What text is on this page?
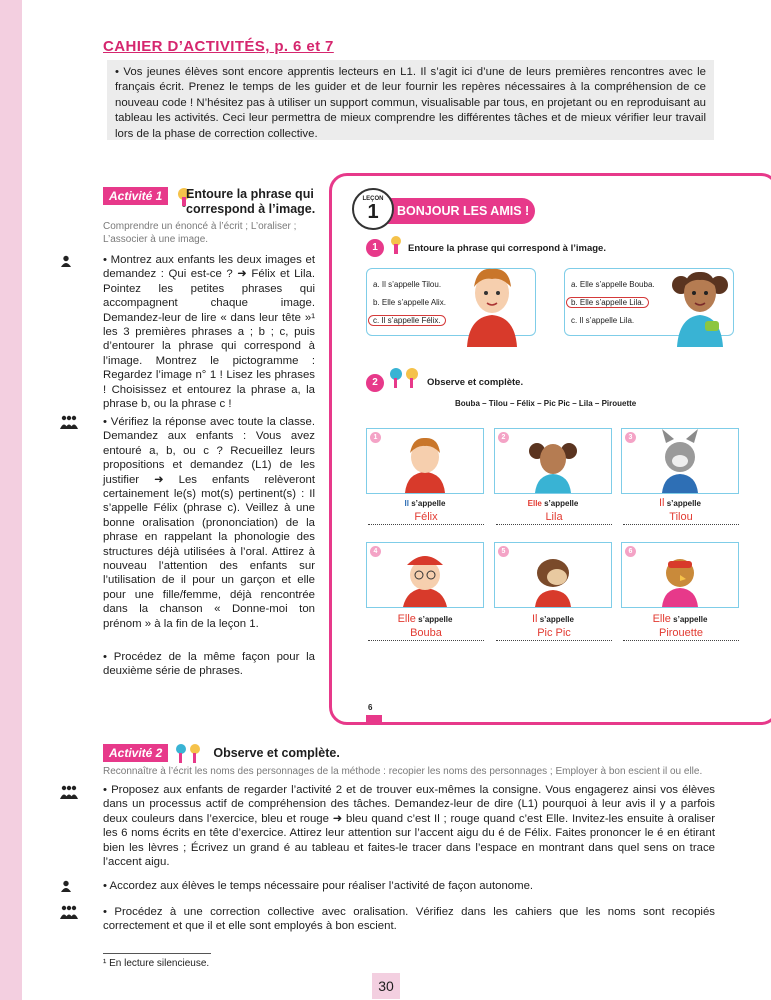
CAHIER D’ACTIVITÉS, p. 6 et 7
• Vos jeunes élèves sont encore apprentis lecteurs en L1. Il s’agit ici d’une de leurs premières rencontres avec le français écrit. Prenez le temps de les guider et de leur fournir les repères nécessaires à la compréhension de ce nouveau code ! N’hésitez pas à utiliser un support commun, visualisable par tous, en projetant ou en reproduisant au tableau les activités. Ceci leur permettra de mieux comprendre les différentes tâches et de mieux vérifier leur travail lors de la phase de correction collective.
Activité 1	Entoure la phrase qui correspond à l’image.
Comprendre un énoncé à l’écrit ; L’oraliser ; L’associer à une image.
• Montrez aux enfants les deux images et demandez : Qui est-ce ? ➜ Félix et Lila. Pointez les petites phrases qui accompagnent chaque image. Demandez-leur de lire « dans leur tête »¹ les 3 premières phrases a ; b ; c, puis d’entourer la phrase qui correspond à l’image. Montrez le pictogramme : Regardez l’image n° 1 ! Lisez les phrases ! Choisissez et entourez la phrase a, la phrase b, ou la phrase c !
• Vérifiez la réponse avec toute la classe. Demandez aux enfants : Vous avez entouré a, b, ou c ? Recueillez leurs propositions et demandez (L1) de les justifier ➜ Les enfants relèveront certainement le(s) mot(s) pertinent(s) : Il s’appelle Félix (phrase c). Veillez à une bonne oralisation (prononciation) de la phrase en rappelant la phonologie des structures déjà utilisées à l’oral. Attirez à nouveau l’attention des enfants sur l’utilisation de il pour un garçon et elle pour une fille/femme, déjà rencontrée dans la chanson « Donne-moi ton prénom » à la fin de la leçon 1.
• Procédez de la même façon pour la deuxième série de phrases.
BONJOUR LES AMIS !
LEÇON
1
1	Entoure la phrase qui correspond à l’image.
a. Il s’appelle Tilou.
b. Elle s’appelle Alix.
c. Il s’appelle Félix.
a. Elle s’appelle Bouba.
b. Elle s’appelle Lila.
c. Il s’appelle Lila.
2	Observe et complète.
Bouba – Tilou – Félix – Pic Pic – Lila – Pirouette
1	2	3
Il s’appelle
Félix
Elle s’appelle
Lila
Il s’appelle
Tilou
4	5	6
Elle s’appelle
Bouba
Il s’appelle
Pic Pic
Elle s’appelle
Pirouette
6
Activité 2	Observe et complète.
Reconnaître à l’écrit les noms des personnages de la méthode : recopier les noms des personnages ; Employer à bon escient il ou elle.
• Proposez aux enfants de regarder l’activité 2 et de trouver eux-mêmes la consigne. Vous engagerez ainsi vos élèves dans un processus actif de compréhension des tâches. Demandez-leur de dire (L1) pourquoi à leur avis il y a parfois deux couleurs dans l’exercice, bleu et rouge ➜ bleu quand c’est Il ; rouge quand c’est Elle. Invitez-les ensuite à oraliser les 6 noms écrits en tête d’exercice. Attirez leur attention sur l’accent aigu du é de Félix. Faites prononcer le é en étirant bien les lèvres ; Écrivez un grand é au tableau et faites-le tracer dans l’espace en montrant dans quel sens on trace l’accent aigu.
• Accordez aux élèves le temps nécessaire pour réaliser l’activité de façon autonome.
• Procédez à une correction collective avec oralisation. Vérifiez dans les cahiers que les noms sont recopiés correctement et que il et elle sont employés à bon escient.
¹ En lecture silencieuse.
30
